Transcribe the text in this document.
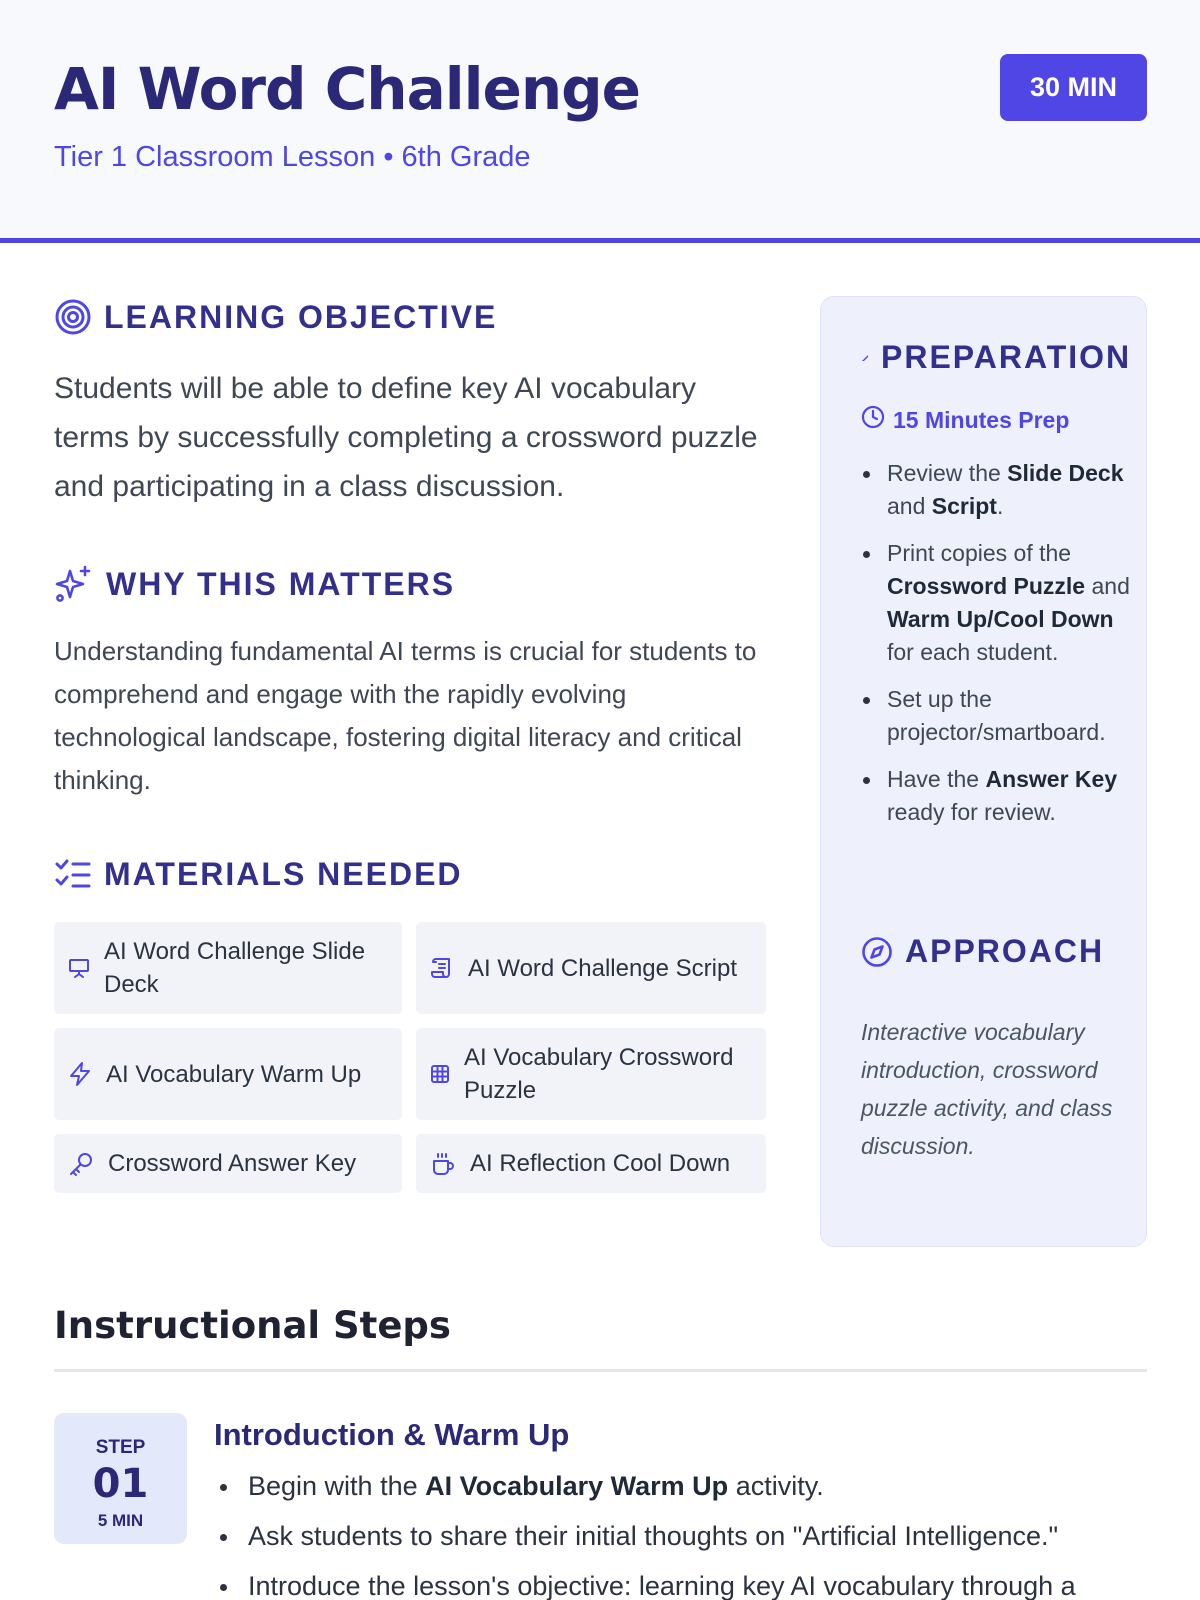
AI Word Challenge
Tier 1 Classroom Lesson • 6th Grade
30 MIN
LEARNING OBJECTIVE

Students will be able to define key AI vocabulary terms by successfully completing a crossword puzzle and participating in a class discussion.

WHY THIS MATTERS

Understanding fundamental AI terms is crucial for students to comprehend and engage with the rapidly evolving technological landscape, fostering digital literacy and critical thinking.

MATERIALS NEEDED
AI Word Challenge Slide Deck
AI Word Challenge Script
AI Vocabulary Warm Up
AI Vocabulary Crossword Puzzle
Crossword Answer Key	AI Reflection Cool Down
PREPARATION
15 Minutes Prep
Review the Slide Deck and Script.
Print copies of the Crossword Puzzle and Warm Up/Cool Down for each student.
Set up the projector/smartboard.
Have the Answer Key ready for review.
APPROACH

Interactive vocabulary introduction, crossword puzzle activity, and class discussion.

Instructional Steps
STEP
01
5 MIN
Introduction & Warm Up
Begin with the AI Vocabulary Warm Up activity.
Ask students to share their initial thoughts on "Artificial Intelligence."
Introduce the lesson's objective: learning key AI vocabulary through a
